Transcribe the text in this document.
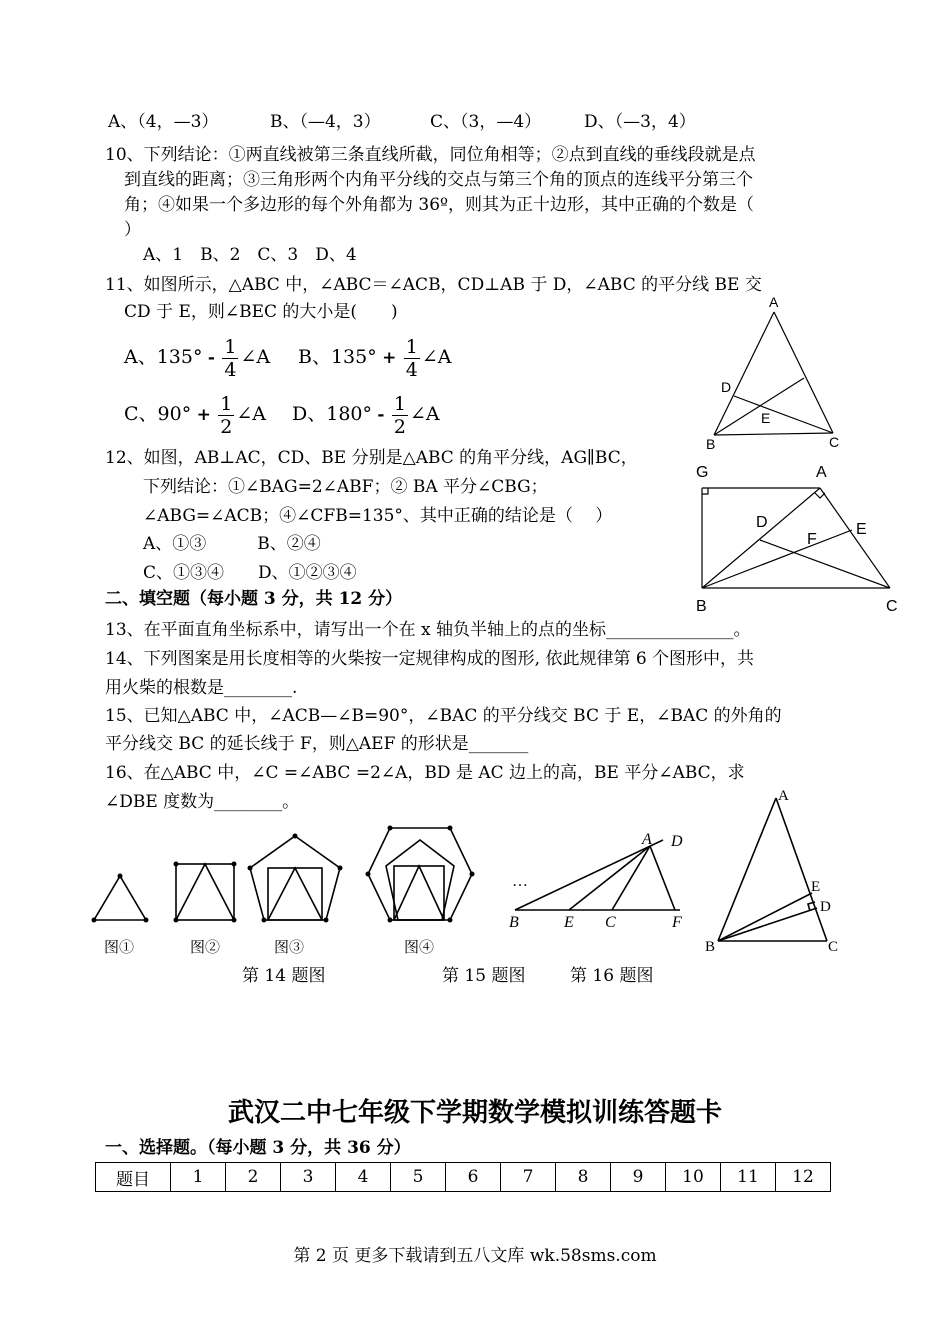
A、（4，—3）	B、（—4，3）	C、（3，—4）	D、（—3，4）
10、下列结论：①两直线被第三条直线所截，同位角相等；②点到直线的垂线段就是点
到直线的距离；③三角形两个内角平分线的交点与第三个角的顶点的连线平分第三个
角；④如果一个多边形的每个外角都为 36º，则其为正十边形，其中正确的个数是（
）
A、1　B、2　C、3　D、4
11、如图所示，△ABC 中，∠ABC＝∠ACB，CD⊥AB 于 D，∠ABC 的平分线 BE 交
CD 于 E，则∠BEC 的大小是(　　)
A、$135^\circ - \frac{1}{4}$ ∠A B、$135^\circ + \frac{1}{4}$ ∠A
C、$90^\circ + \frac{1}{2}$ ∠A D、$180^\circ - \frac{1}{2}$ ∠A
A
B	C
D
E
12、如图，AB⊥AC，CD、BE 分别是△ABC 的角平分线，AG∥BC，
下列结论：①∠BAG=2∠ABF；② BA 平分∠CBG；
∠ABG=∠ACB；④∠CFB=135°、其中正确的结论是（　 ）
A、①③　　　B、②④
C、①③④　　D、①②③④
G	A
D	E
F
B	C
二、填空题（每小题 3 分，共 12 分）
13、在平面直角坐标系中，请写出一个在 x 轴负半轴上的点的坐标_______________。
14、下列图案是用长度相等的火柴按一定规律构成的图形, 依此规律第 6 个图形中，共
用火柴的根数是________.
15、已知△ABC 中，∠ACB—∠B=90°，∠BAC 的平分线交 BC 于 E，∠BAC 的外角的
平分线交 BC 的延长线于 F，则△AEF 的形状是_______
16、在△ABC 中，∠C =∠ABC =2∠A，BD 是 AC 边上的高，BE 平分∠ABC，求
∠DBE 度数为________。
图①	图②	图③	图④
…
A D
B	E C	F
A
E
D
B	C
第 14 题图	第 15 题图	第 16 题图
武汉二中七年级下学期数学模拟训练答题卡
一、选择题。（每小题 3 分，共 36 分）
题目	1	2	3	4	5	6	7	8	9	10	11	12
第 2 页 更多下载请到五八文库 wk.58sms.com
